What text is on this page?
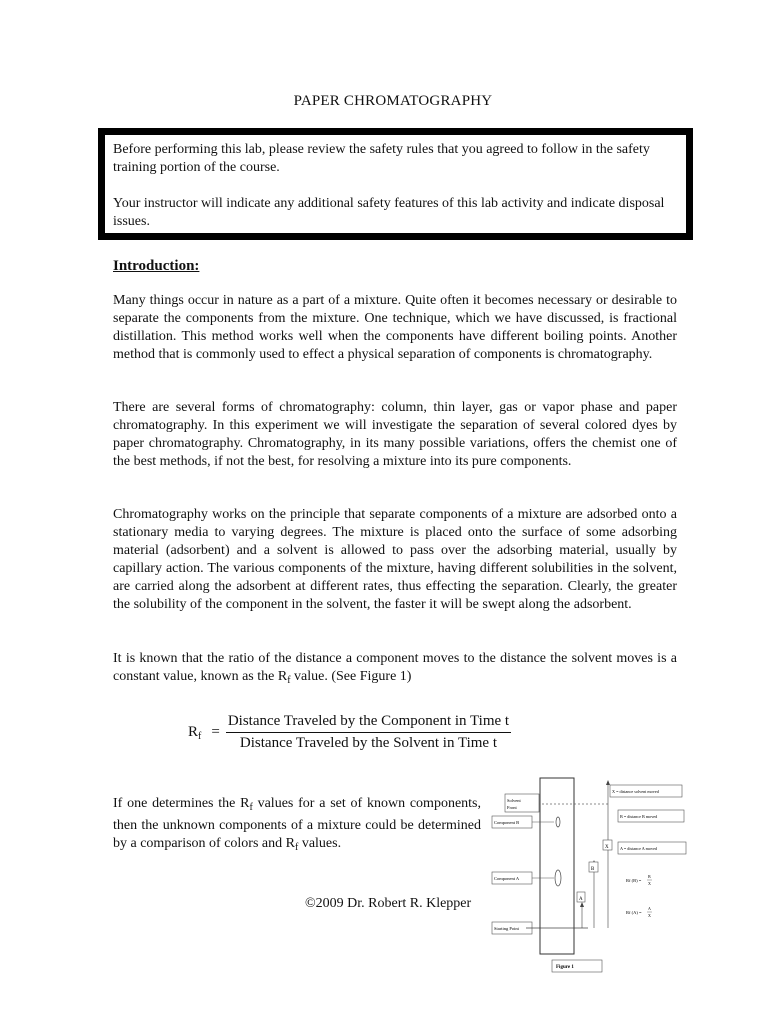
PAPER CHROMATOGRAPHY

Before performing this lab, please review the safety rules that you agreed to follow in the safety training portion of the course.

Your instructor will indicate any additional safety features of this lab activity and indicate disposal issues.

Introduction:

Many things occur in nature as a part of a mixture. Quite often it becomes necessary or desirable to separate the components from the mixture. One technique, which we have discussed, is fractional distillation. This method works well when the components have different boiling points. Another method that is commonly used to effect a physical separation of components is chromatography.

There are several forms of chromatography: column, thin layer, gas or vapor phase and paper chromatography. In this experiment we will investigate the separation of several colored dyes by paper chromatography. Chromatography, in its many possible variations, offers the chemist one of the best methods, if not the best, for resolving a mixture into its pure components.

Chromatography works on the principle that separate components of a mixture are adsorbed onto a stationary media to varying degrees. The mixture is placed onto the surface of some adsorbing material (adsorbent) and a solvent is allowed to pass over the adsorbing material, usually by capillary action. The various components of the mixture, having different solubilities in the solvent, are carried along the adsorbent at different rates, thus effecting the separation. Clearly, the greater the solubility of the component in the solvent, the faster it will be swept along the adsorbent.

It is known that the ratio of the distance a component moves to the distance the solvent moves is a constant value, known as the $R_f$ value. (See Figure 1)

$R_f = \frac{\text{Distance Traveled by the Component in Time t}}{\text{Distance Traveled by the Solvent in Time t}}$

If one determines the $R_f$ values for a set of known components, then the unknown components of a mixture could be determined by a comparison of colors and $R_f$ values.

©2009 Dr. Robert R. Klepper
Solvent
Front
Component B
Component A
Starting Point
A
B
X
X = distance solvent moved
B = distance B moved
A = distance A moved
Rf (B) =
B
X
Rf (A) =
A
X
Figure 1
